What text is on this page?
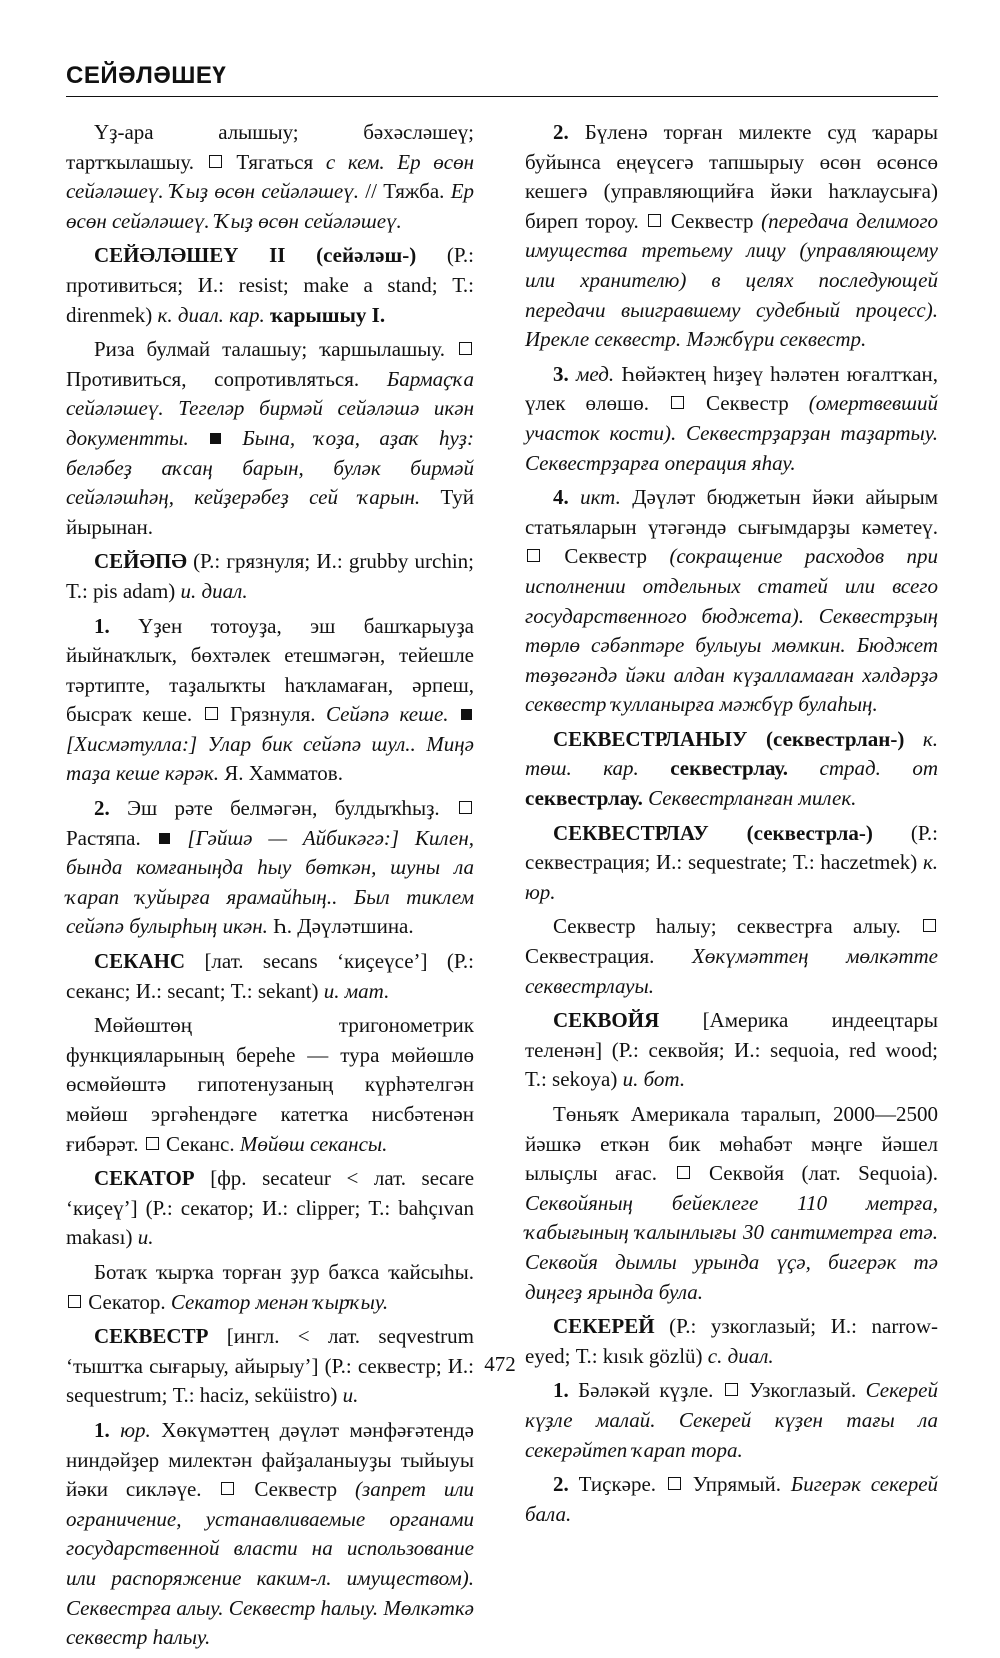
СЕЙӘЛӘШЕҮ

Үҙ-ара алышыу; бәхәсләшеү; тартҡылашыу. Тягаться с кем. Ер өсөн сейәләшеү. Ҡыҙ өсөн сейәләшеү. // Тяжба. Ер өсөн сейәләшеү. Ҡыҙ өсөн сейәләшеү.

СЕЙӘЛӘШЕҮ II (сейәләш-) (Р.: противиться; И.: resist; make a stand; Т.: direnmek) к. диал. кар. ҡарышыу I.

Риза булмай талашыу; ҡаршылашыу.  Противиться, сопротивляться. Бармаҫҡа сейәләшеү. Тегеләр бирмәй сейәләшә икән документты.	Бына, ҡоҙа, аҙаҡ һуҙ: беләбеҙ аҡсаң барын, буләк бирмәй сейәләшһәң, кейҙерәбеҙ сей ҡарын. Туй йырынан.

СЕЙӘПӘ (Р.: грязнуля; И.: grubby urchin; Т.: pis adam) и. диал.

1. Үҙен тотоуҙа, эш башҡарыуҙа йыйнаҡлыҡ, бөхтәлек етешмәгән, тейешле тәртипте, таҙалыҡты һаҡламаған, әрпеш, бысраҡ кеше. Грязнуля. Сейәпә кеше.  [Хисмәтулла:] Улар бик сейәпә шул.. Миңә таҙа кеше кәрәк. Я. Хамматов.

2. Эш рәте белмәгән, булдыҡһыҙ.  Растяпа. [Гәйшә — Айбикәгә:] Килен, бында комғаныңда һыу бөткән, шуны ла ҡарап ҡуйырға ярамайһың.. Был тиклем сейәпә булырһың икән. Һ. Дәүләтшина.

СЕКАНС [лат. secans ‘киҫеүсе’] (Р.: секанс; И.: secant; Т.: sekant) и. мат.

Мөйөштөң тригонометрик функцияларының береһе — тура мөйөшлө өсмөйөштә гипотенузаның күрһәтелгән мөйөш эргәһендәге катетҡа нисбәтенән ғибәрәт. Секанс. Мөйөш секансы.

СЕКАТОР [фр. secateur < лат. secare ‘киҫеү’] (Р.: секатор; И.: clipper; Т.: bahçıvan makası) и.

Ботаҡ ҡырҡа торған ҙур баҡса ҡайсыһы.  Секатор. Секатор менән ҡырҡыу.

СЕКВЕСТР [ингл. < лат. seqvestrum ‘тыштҡа сығарыу, айырыу’] (Р.: секвестр; И.: sequestrum; Т.: haciz, seküistro) и.

1. юр. Хөкүмәттең дәүләт мәнфәғәтендә ниндәйҙер милектән файҙаланыуҙы тыйыуы йәки сикләүе.	Секвестр (запрет или ограничение, устанавливаемые органами государственной власти на использование или распоряжение каким-л. имуществом). Секвестрға алыу. Секвестр һалыу. Мөлкәткә секвестр һалыу.

2. Бүленә торған милекте суд ҡарары буйынса еңеүсегә тапшырыу өсөн өсөнсө кешегә (управляющийға йәки һаҡлаусыға) биреп тороу. Секвестр (передача делимого имущества третьему лицу (управляющему или хранителю) в целях последующей передачи выигравшему судебный процесс). Ирекле секвестр. Мәжбүри секвестр.

3. мед. Һөйәктең һиҙеү һәләтен юғалтҡан, үлек өлөшө.	Секвестр (омертвевший участок кости). Секвестрҙарҙан таҙартыу. Секвестрҙарға операция яһау.

4. икт. Дәүләт бюджетын йәки айырым статьяларын үтәгәндә сығымдарҙы кәметеү.  Секвестр (сокращение расходов при исполнении отдельных статей или всего государственного бюджета). Секвестрҙың төрлө сәбәптәре булыуы мөмкин. Бюджет төҙөгәндә йәки алдан күҙалламаған хәлдәрҙә секвестр ҡулланырға мәжбүр булаһың.

СЕКВЕСТРЛАНЫУ (секвестрлан-) к. төш. кар. секвестрлау. страд. от секвестрлау. Секвестрланған милек.

СЕКВЕСТРЛАУ (секвестрла-) (Р.: секвестрация; И.: sequestrate; Т.: haczetmek) к. юр.

Секвестр һалыу; секвестрға алыу.  Секвестрация. Хөкүмәттең мөлкәтте секвестрлауы.

СЕКВОЙЯ [Америка индеецтары теленән] (Р.: секвойя; И.: sequoia, red wood; Т.: sekoya) и. бот.

Төньяҡ Америкала таралып, 2000—2500 йәшкә еткән бик мөһабәт мәңге йәшел ылыҫлы ағас. Секвойя (лат. Sequoia). Секвойяның бейеклеге 110 метрға, ҡабығының ҡалынлығы 30 сантиметрға етә. Секвойя дымлы урында үҫә, бигерәк тә диңгеҙ ярында була.

СЕКЕРЕЙ (Р.: узкоглазый; И.: narrow-eyed; Т.: kısık gözlü) с. диал.

1. Бәләкәй күҙле. Узкоглазый. Секерей күҙле малай. Секерей күҙен тағы ла секерәйтеп ҡарап тора.

2. Тиҫкәре. Упрямый. Бигерәк секерей бала.

472
